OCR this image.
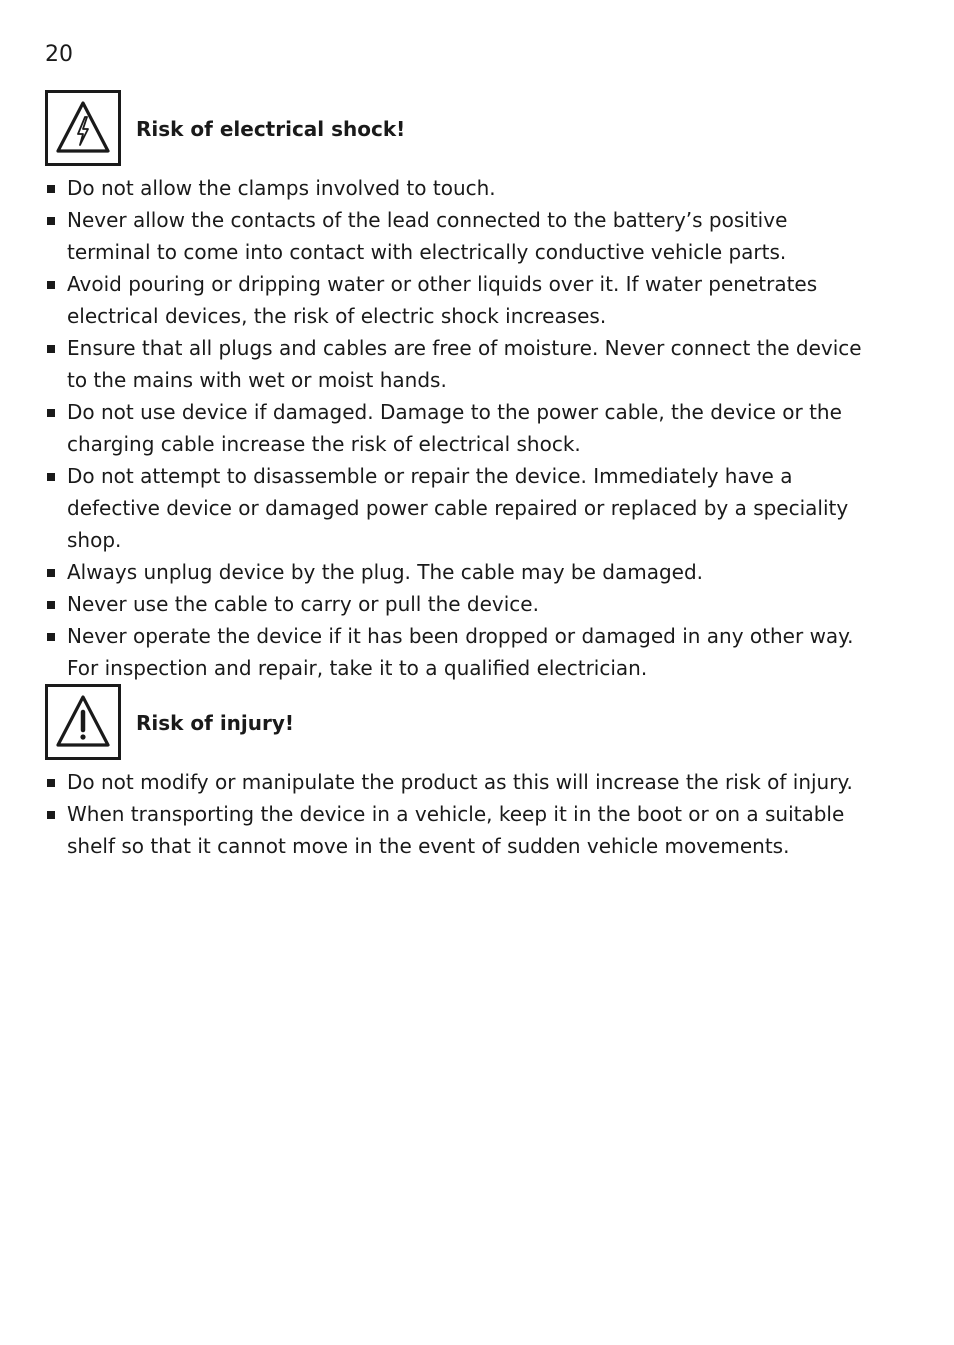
20
Risk of electrical shock!
Do not allow the clamps involved to touch.
Never allow the contacts of the lead connected to the battery’s positive terminal to come into contact with electrically conductive vehicle parts.
Avoid pouring or dripping water or other liquids over it. If water penetrates electrical devices, the risk of electric shock increases.
Ensure that all plugs and cables are free of moisture. Never connect the device to the mains with wet or moist hands.
Do not use device if damaged. Damage to the power cable, the device or the charging cable increase the risk of electrical shock.
Do not attempt to disassemble or repair the device. Immediately have a defective device or damaged power cable repaired or replaced by a speciality shop.
Always unplug device by the plug. The cable may be damaged.
Never use the cable to carry or pull the device.
Never operate the device if it has been dropped or damaged in any other way. For inspection and repair, take it to a qualified electrician.
Risk of injury!
Do not modify or manipulate the product as this will increase the risk of injury.
When transporting the device in a vehicle, keep it in the boot or on a suitable shelf so that it cannot move in the event of sudden vehicle movements.
